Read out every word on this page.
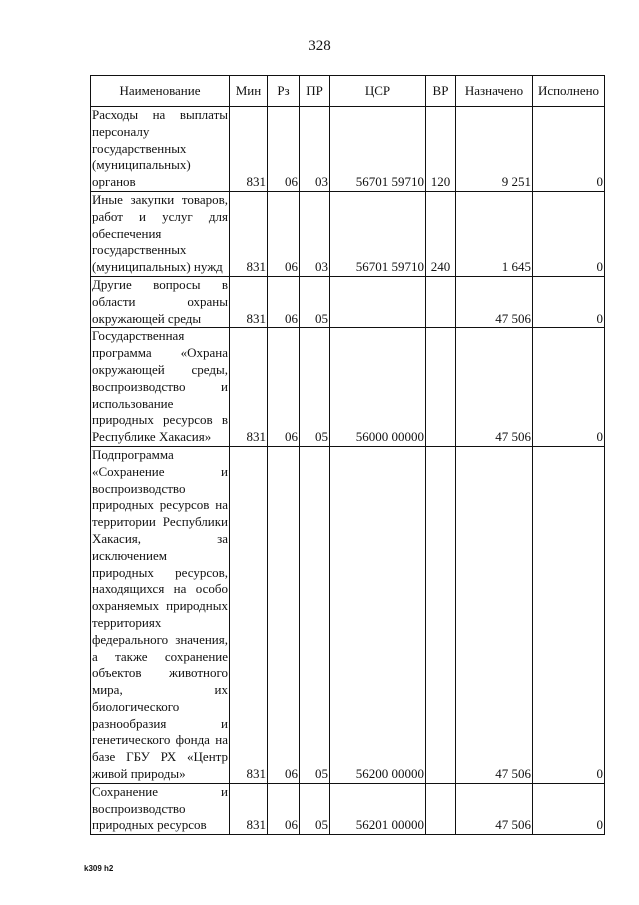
328
Наименование	Мин	Рз	ПР	ЦСР	ВР	Назначено	Исполнено
Расходы на выплаты персоналу государственных (муниципальных) органов	831	06	03	56701 59710	120	9 251	0
Иные закупки товаров, работ и услуг для обеспечения государственных (муниципальных) нужд	831	06	03	56701 59710	240	1 645	0
Другие вопросы в области охраны окружающей среды	831	06	05			47 506	0
Государственная программа «Охрана окружающей среды, воспроизводство и использование природных ресурсов в Республике Хакасия»	831	06	05	56000 00000		47 506	0
Подпрограмма «Сохранение и воспроизводство природных ресурсов на территории Республики Хакасия, за исключением природных ресурсов, находящихся на особо охраняемых природных территориях федерального значения, а также сохранение объектов животного мира, их биологического разнообразия и генетического фонда на базе ГБУ РХ «Центр живой природы»	831	06	05	56200 00000		47 506	0
Сохранение и воспроизводство природных ресурсов	831	06	05	56201 00000		47 506	0
k309 h2
